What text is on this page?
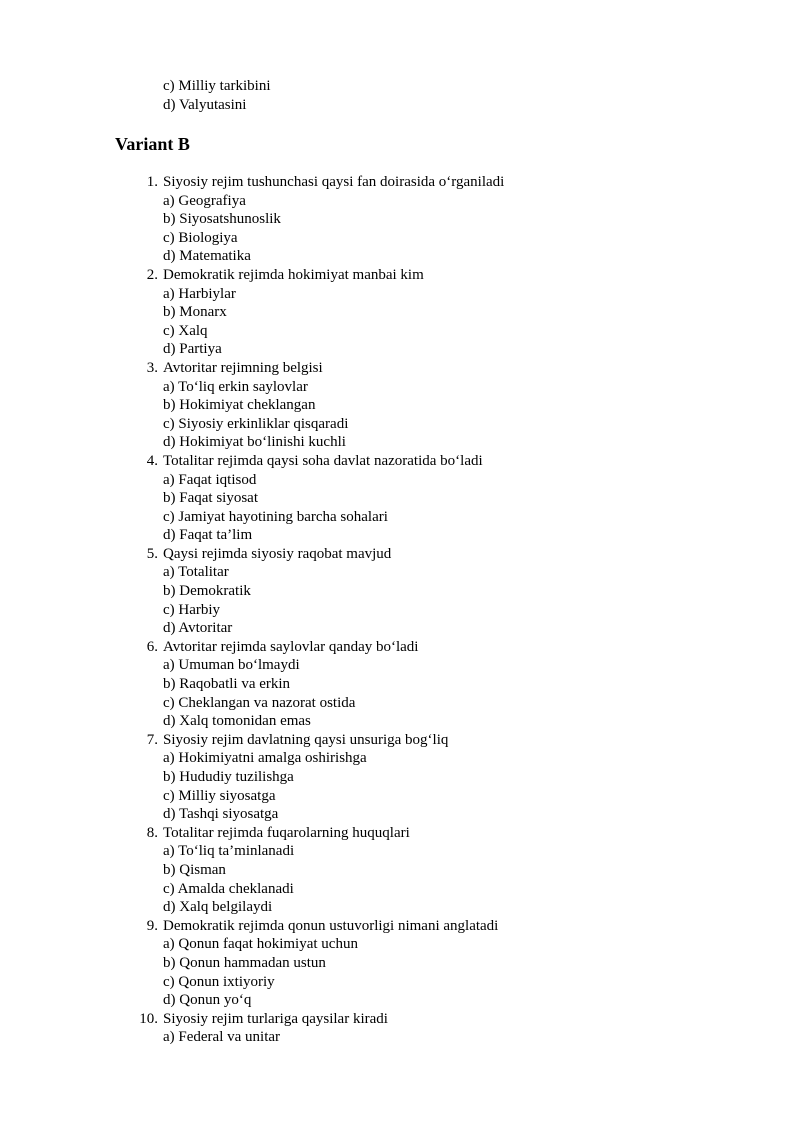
c) Milliy tarkibini
d) Valyutasini
Variant B
1. Siyosiy rejim tushunchasi qaysi fan doirasida o‘rganiladi
a) Geografiya
b) Siyosatshunoslik
c) Biologiya
d) Matematika
2. Demokratik rejimda hokimiyat manbai kim
a) Harbiylar
b) Monarx
c) Xalq
d) Partiya
3. Avtoritar rejimning belgisi
a) To‘liq erkin saylovlar
b) Hokimiyat cheklangan
c) Siyosiy erkinliklar qisqaradi
d) Hokimiyat bo‘linishi kuchli
4. Totalitar rejimda qaysi soha davlat nazoratida bo‘ladi
a) Faqat iqtisod
b) Faqat siyosat
c) Jamiyat hayotining barcha sohalari
d) Faqat ta’lim
5. Qaysi rejimda siyosiy raqobat mavjud
a) Totalitar
b) Demokratik
c) Harbiy
d) Avtoritar
6. Avtoritar rejimda saylovlar qanday bo‘ladi
a) Umuman bo‘lmaydi
b) Raqobatli va erkin
c) Cheklangan va nazorat ostida
d) Xalq tomonidan emas
7. Siyosiy rejim davlatning qaysi unsuriga bog‘liq
a) Hokimiyatni amalga oshirishga
b) Hududiy tuzilishga
c) Milliy siyosatga
d) Tashqi siyosatga
8. Totalitar rejimda fuqarolarning huquqlari
a) To‘liq ta’minlanadi
b) Qisman
c) Amalda cheklanadi
d) Xalq belgilaydi
9. Demokratik rejimda qonun ustuvorligi nimani anglatadi
a) Qonun faqat hokimiyat uchun
b) Qonun hammadan ustun
c) Qonun ixtiyoriy
d) Qonun yo‘q
10. Siyosiy rejim turlariga qaysilar kiradi
a) Federal va unitar
